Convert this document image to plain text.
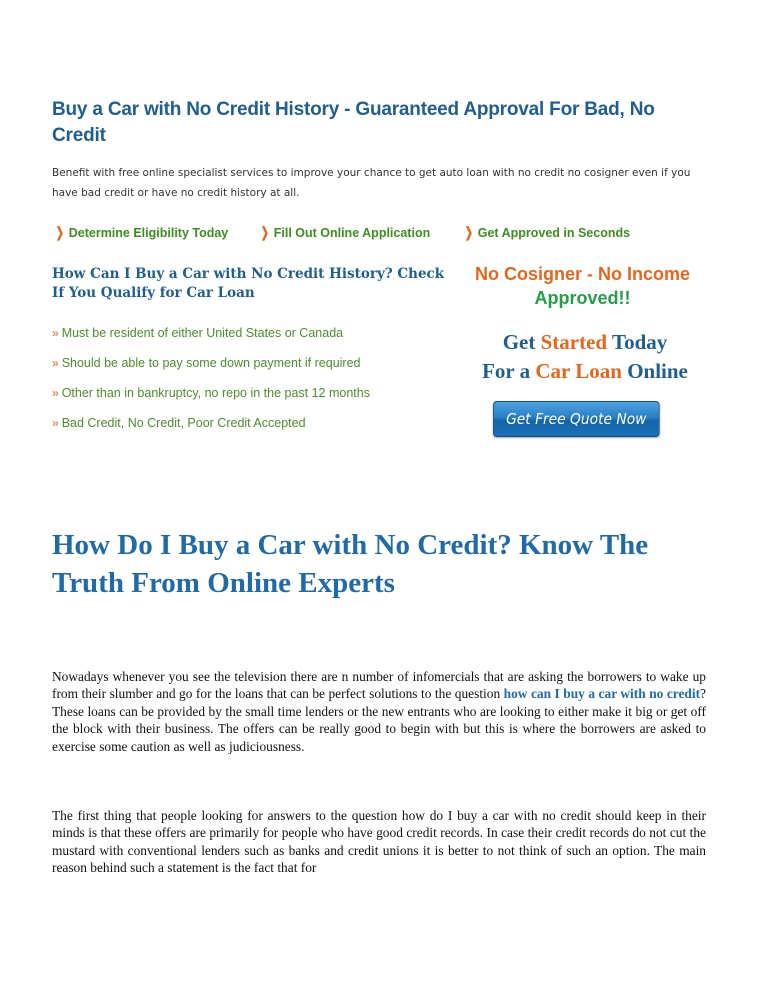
Buy a Car with No Credit History - Guaranteed Approval For Bad, No Credit
Benefit with free online specialist services to improve your chance to get auto loan with no credit no cosigner even if you have bad credit or have no credit history at all.
❯ Determine Eligibility Today ❯ Fill Out Online Application ❯ Get Approved in Seconds
How Can I Buy a Car with No Credit History? Check If You Qualify for Car Loan
No Cosigner - No Income
Approved!!
» Must be resident of either United States or Canada
» Should be able to pay some down payment if required
» Other than in bankruptcy, no repo in the past 12 months
» Bad Credit, No Credit, Poor Credit Accepted
Get Started Today
For a Car Loan Online
Get Free Quote Now >>
How Do I Buy a Car with No Credit? Know The Truth From Online Experts

Nowadays whenever you see the television there are n number of infomercials that are asking the borrowers to wake up from their slumber and go for the loans that can be perfect solutions to the question how can I buy a car with no credit? These loans can be provided by the small time lenders or the new entrants who are looking to either make it big or get off the block with their business. The offers can be really good to begin with but this is where the borrowers are asked to exercise some caution as well as judiciousness.

The first thing that people looking for answers to the question how do I buy a car with no credit should keep in their minds is that these offers are primarily for people who have good credit records. In case their credit records do not cut the mustard with conventional lenders such as banks and credit unions it is better to not think of such an option. The main reason behind such a statement is the fact that for
